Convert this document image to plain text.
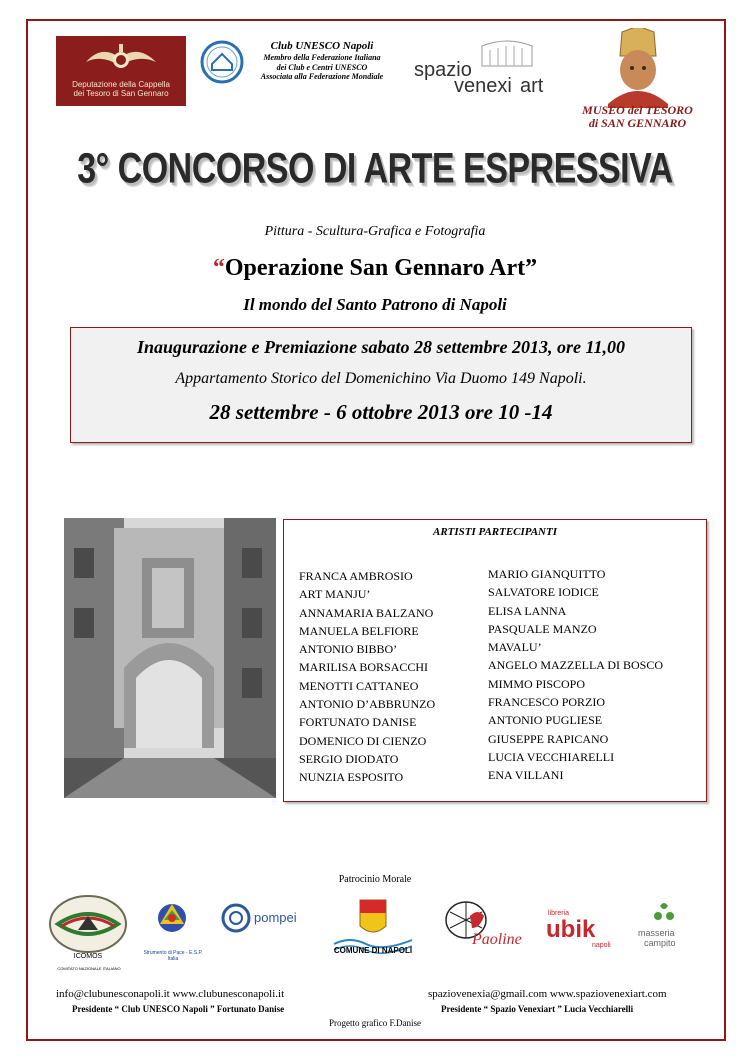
Deputazione della Cappella
dei Tesoro di San Gennaro
Club UNESCO Napoli
Membro della Federazione Italiana
dei Club e Centri UNESCO
Associata alla Federazione Mondiale	spazio
venexi art
MUSEO del TESORO
di SAN GENNARO
3° CONCORSO DI ARTE ESPRESSIVA
Pittura - Scultura-Grafica e Fotografia
“Operazione San Gennaro Art”
Il mondo del Santo Patrono di Napoli
Inaugurazione e Premiazione sabato 28 settembre 2013, ore 11,00
Appartamento Storico del Domenichino Via Duomo 149 Napoli.
28 settembre - 6 ottobre 2013 ore 10 -14
ARTISTI PARTECIPANTI
FRANCA AMBROSIO
ART MANJU’
ANNAMARIA BALZANO
MANUELA BELFIORE
ANTONIO BIBBO’
MARILISA BORSACCHI
MENOTTI CATTANEO
ANTONIO D’ABBRUNZO
FORTUNATO DANISE
DOMENICO DI CIENZO
SERGIO DIODATO
NUNZIA ESPOSITO
MARIO GIANQUITTO
SALVATORE IODICE
ELISA LANNA
PASQUALE MANZO
MAVALU’
ANGELO MAZZELLA DI BOSCO
MIMMO PISCOPO
FRANCESCO PORZIO
ANTONIO PUGLIESE
GIUSEPPE RAPICANO
LUCIA VECCHIARELLI
ENA VILLANI
Patrocinio Morale
ICOMOS
COMITATO NAZIONALE ITALIANO
Strumento di Pace - E.S.P. Italia
pompei
COMUNE DI NAPOLI
Paoline
libreria
ubik
napoli
masseria
campito
info@clubunesconapoli.it www.clubunesconapoli.it	spaziovenexia@gmail.com www.spaziovenexiart.com
Presidente “ Club UNESCO Napoli ” Fortunato Danise	Presidente “ Spazio Venexiart ” Lucia Vecchiarelli
Progetto grafico F.Danise
